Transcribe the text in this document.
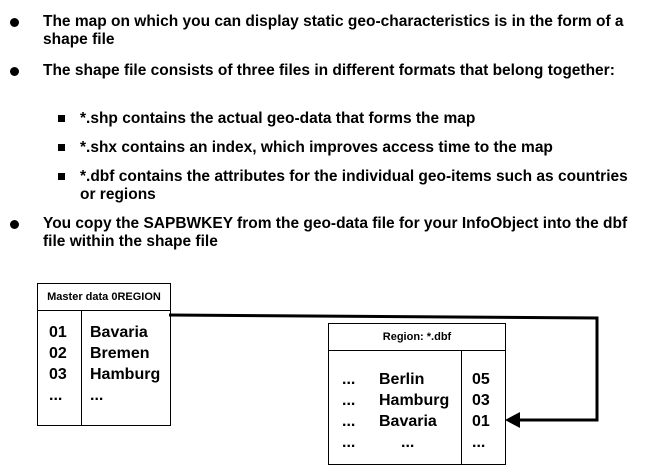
The map on which you can display static geo-characteristics is in the form of a shape file
The shape file consists of three files in different formats that belong together:
*.shp contains the actual geo-data that forms the map
*.shx contains an index, which improves access time to the map
*.dbf contains the attributes for the individual geo-items such as countries or regions
You copy the SAPBWKEY from the geo-data file for your InfoObject into the dbf file within the shape file
Master data 0REGION
01
02
03
...
Bavaria
Bremen
Hamburg
...
Region: *.dbf
...
...
...
...
Berlin
Hamburg
Bavaria
...
05
03
01
...
